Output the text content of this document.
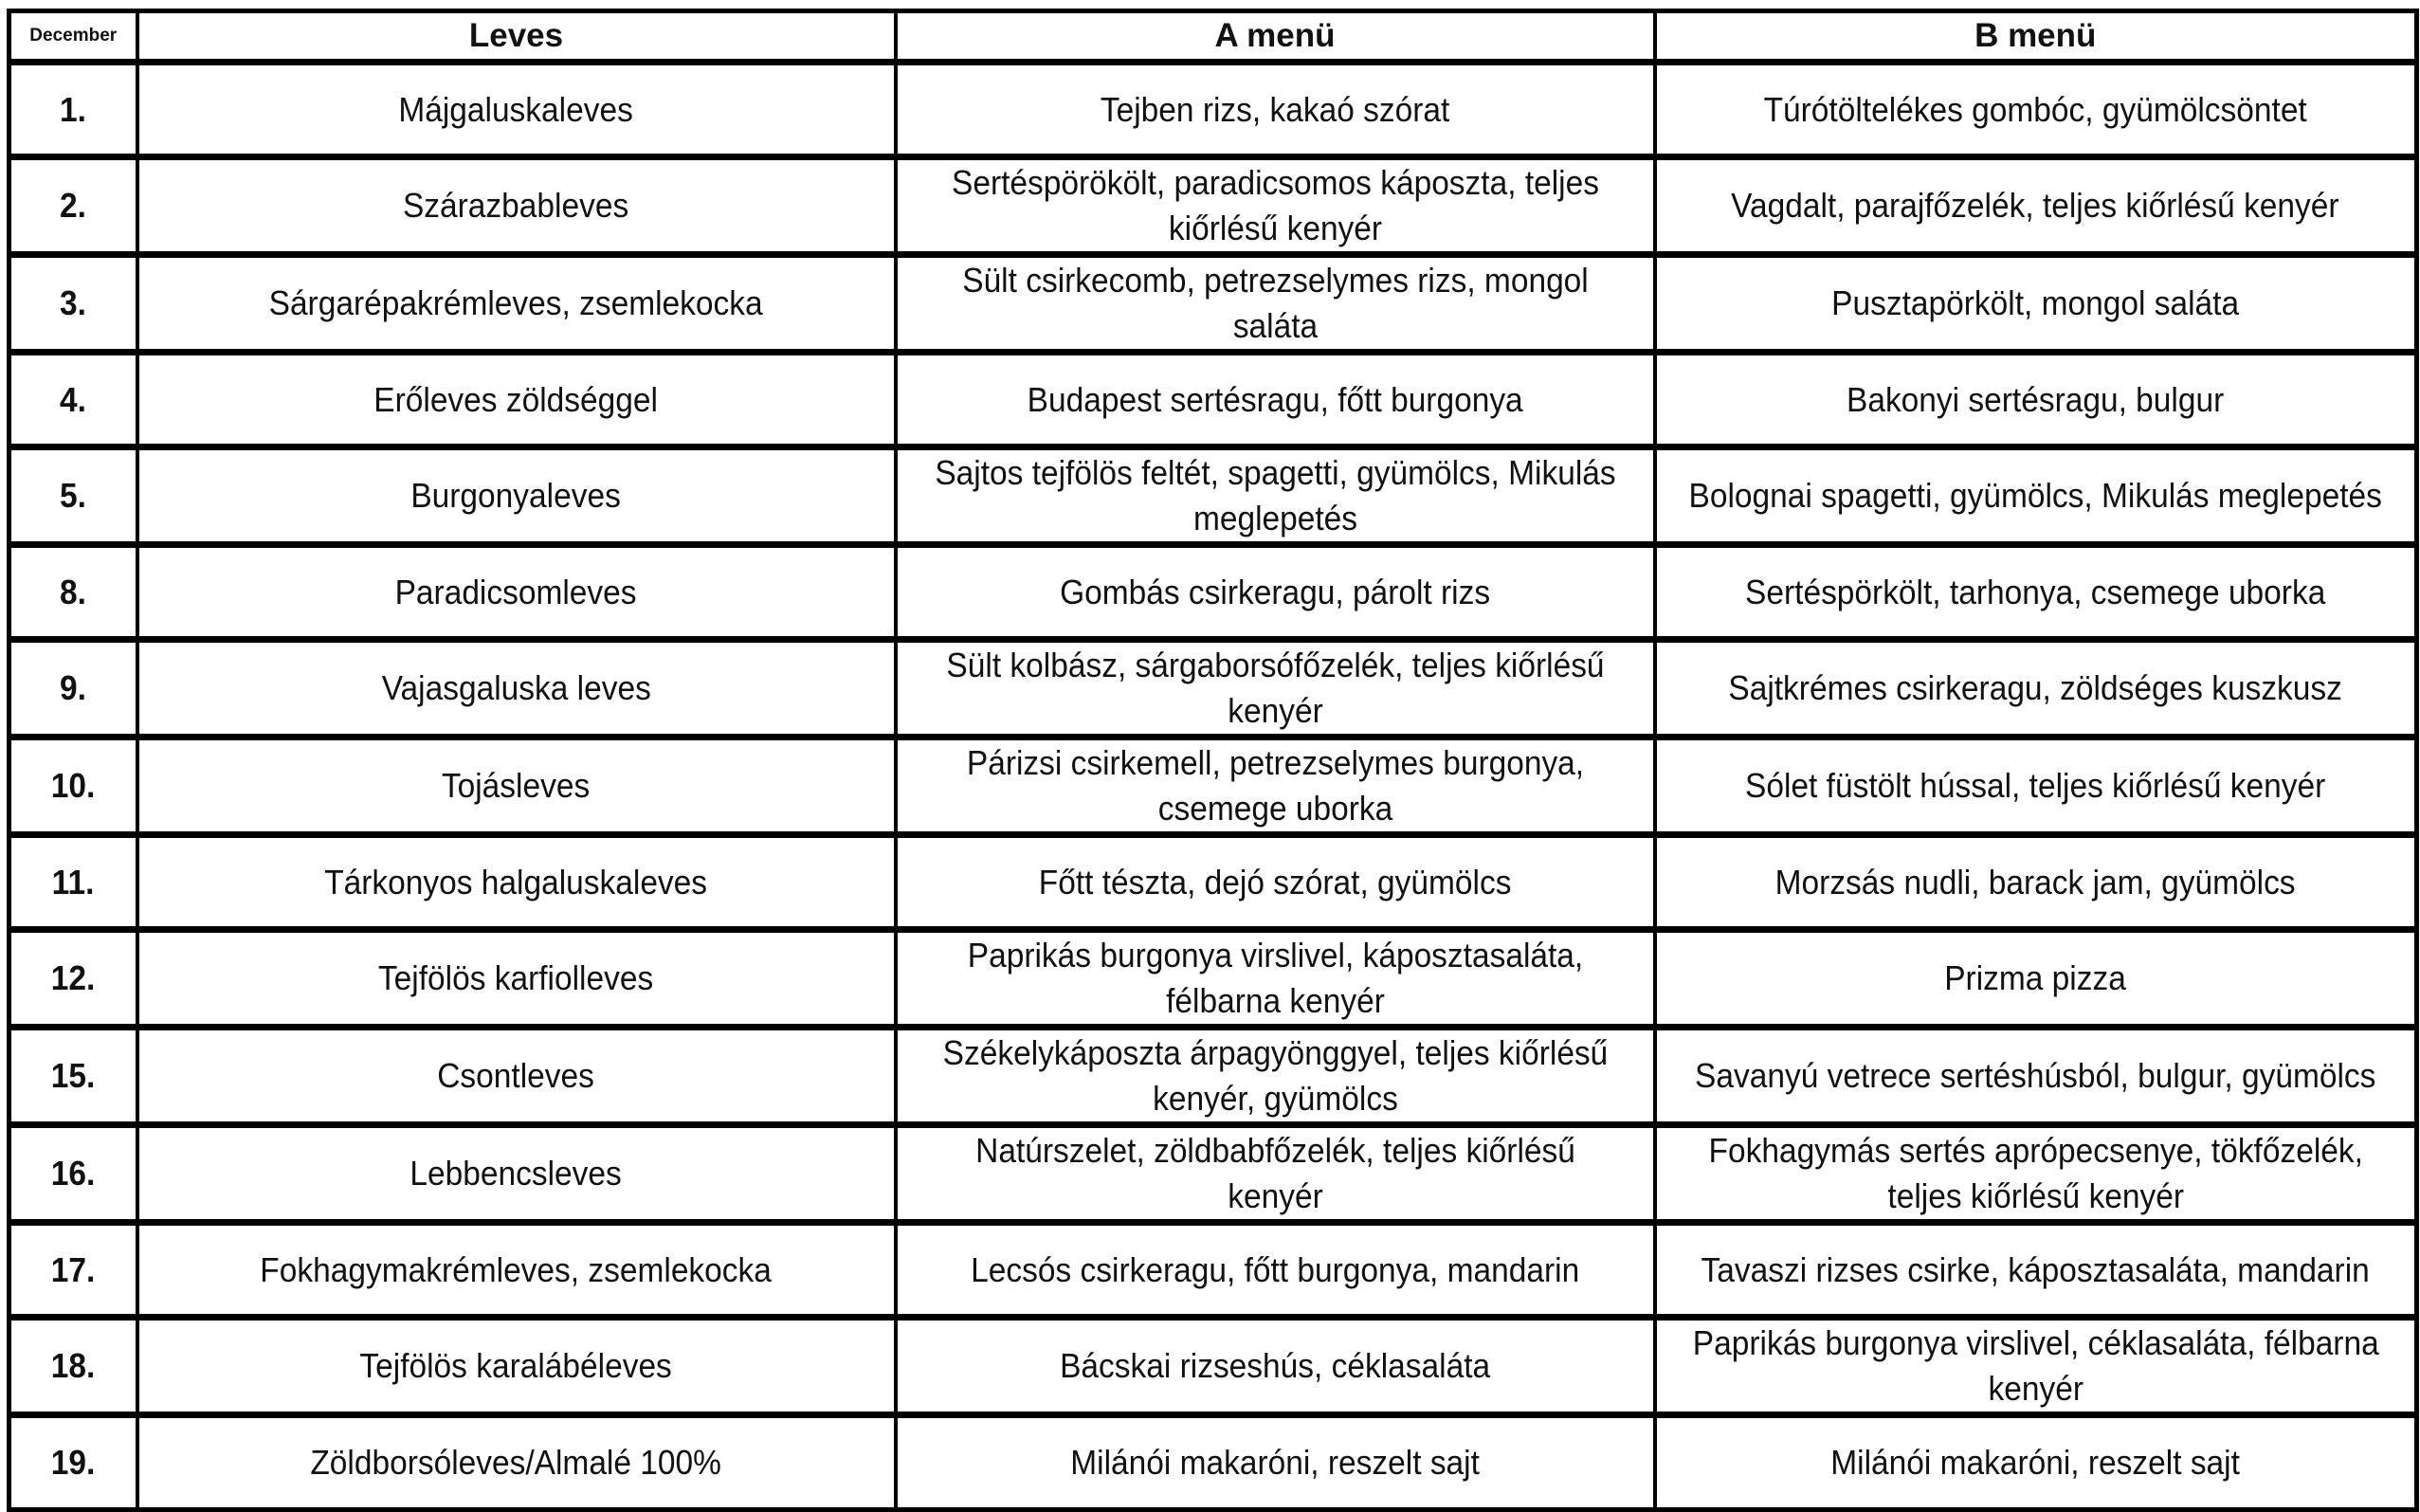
December	Leves	A menü	B menü
1.	Májgaluskaleves	Tejben rizs, kakaó szórat	Túrótöltelékes gombóc, gyümölcsöntet
2.	Szárazbableves	Sertéspörökölt, paradicsomos káposzta, teljes kiőrlésű kenyér	Vagdalt, parajfőzelék, teljes kiőrlésű kenyér
3.	Sárgarépakrémleves, zsemlekocka	Sült csirkecomb, petrezselymes rizs, mongol saláta	Pusztapörkölt, mongol saláta
4.	Erőleves zöldséggel	Budapest sertésragu, főtt burgonya	Bakonyi sertésragu, bulgur
5.	Burgonyaleves	Sajtos tejfölös feltét, spagetti, gyümölcs, Mikulás meglepetés	Bolognai spagetti, gyümölcs, Mikulás meglepetés
8.	Paradicsomleves	Gombás csirkeragu, párolt rizs	Sertéspörkölt, tarhonya, csemege uborka
9.	Vajasgaluska leves	Sült kolbász, sárgaborsófőzelék, teljes kiőrlésű kenyér	Sajtkrémes csirkeragu, zöldséges kuszkusz
10.	Tojásleves	Párizsi csirkemell, petrezselymes burgonya, csemege uborka	Sólet füstölt hússal, teljes kiőrlésű kenyér
11.	Tárkonyos halgaluskaleves	Főtt tészta, dejó szórat, gyümölcs	Morzsás nudli, barack jam, gyümölcs
12.	Tejfölös karfiolleves	Paprikás burgonya virslivel, káposztasaláta, félbarna kenyér	Prizma pizza
15.	Csontleves	Székelykáposzta árpagyönggyel, teljes kiőrlésű kenyér, gyümölcs	Savanyú vetrece sertéshúsból, bulgur, gyümölcs
16.	Lebbencsleves	Natúrszelet, zöldbabfőzelék, teljes kiőrlésű kenyér	Fokhagymás sertés aprópecsenye, tökfőzelék, teljes kiőrlésű kenyér
17.	Fokhagymakrémleves, zsemlekocka	Lecsós csirkeragu, főtt burgonya, mandarin	Tavaszi rizses csirke, káposztasaláta, mandarin
18.	Tejfölös karalábéleves	Bácskai rizseshús, céklasaláta	Paprikás burgonya virslivel, céklasaláta, félbarna kenyér
19.	Zöldborsóleves/Almalé 100%	Milánói makaróni, reszelt sajt	Milánói makaróni, reszelt sajt
